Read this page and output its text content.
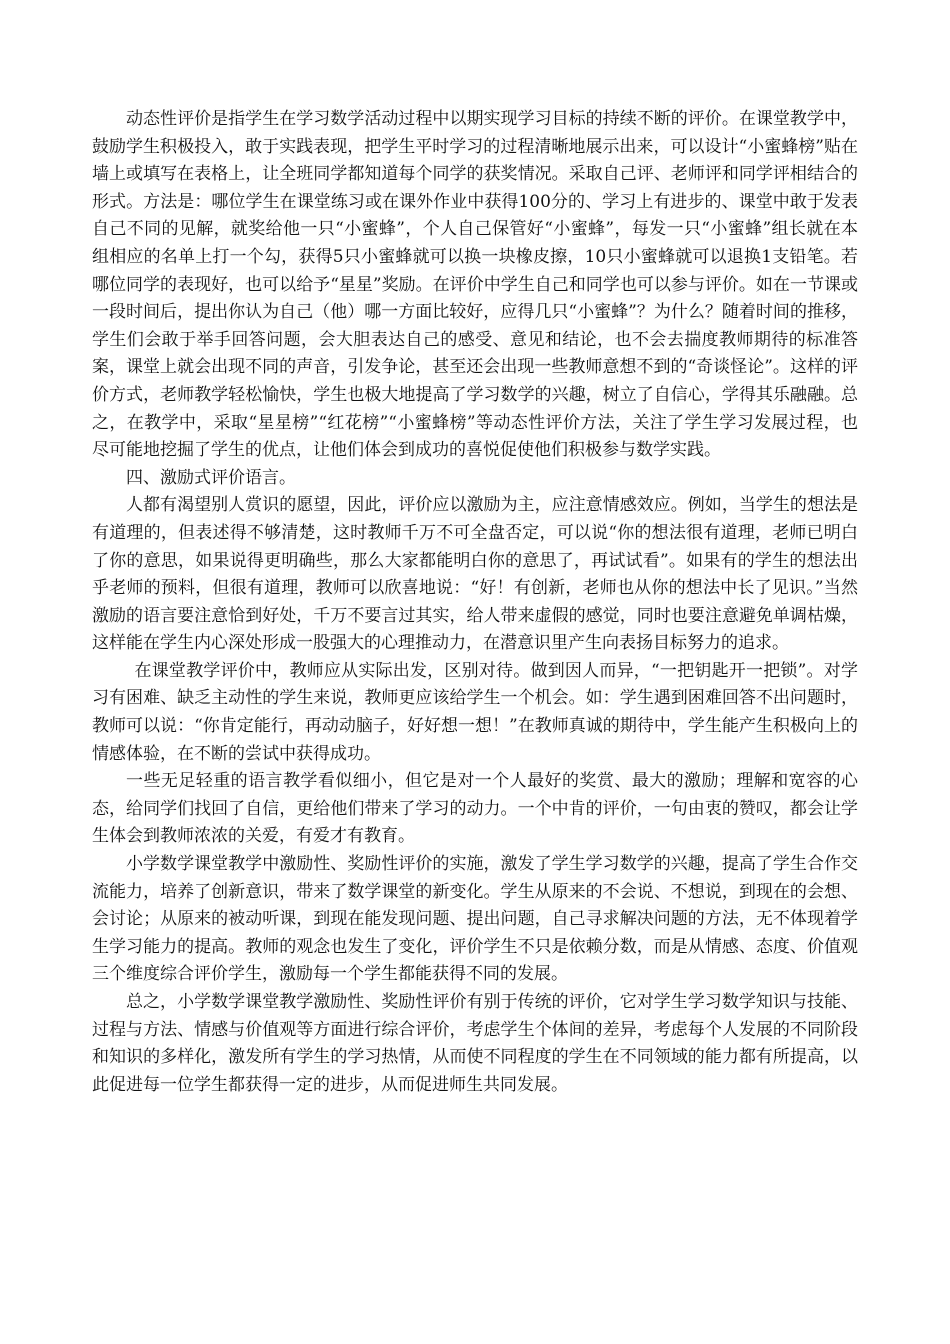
动态性评价是指学生在学习数学活动过程中以期实现学习目标的持续不断的评价。在课堂教学中，鼓励学生积极投入，敢于实践表现，把学生平时学习的过程清晰地展示出来，可以设计“小蜜蜂榜”贴在墙上或填写在表格上，让全班同学都知道每个同学的获奖情况。采取自己评、老师评和同学评相结合的形式。方法是：哪位学生在课堂练习或在课外作业中获得100分的、学习上有进步的、课堂中敢于发表自己不同的见解，就奖给他一只“小蜜蜂”，个人自己保管好“小蜜蜂”，每发一只“小蜜蜂”组长就在本组相应的名单上打一个勾，获得5只小蜜蜂就可以换一块橡皮擦，10只小蜜蜂就可以退换1支铅笔。若哪位同学的表现好，也可以给予“星星”奖励。在评价中学生自己和同学也可以参与评价。如在一节课或一段时间后，提出你认为自己（他）哪一方面比较好，应得几只“小蜜蜂”？为什么？随着时间的推移，学生们会敢于举手回答问题，会大胆表达自己的感受、意见和结论，也不会去揣度教师期待的标准答案，课堂上就会出现不同的声音，引发争论，甚至还会出现一些教师意想不到的“奇谈怪论”。这样的评价方式，老师教学轻松愉快，学生也极大地提高了学习数学的兴趣，树立了自信心，学得其乐融融。总之，在教学中，采取“星星榜”“红花榜”“小蜜蜂榜”等动态性评价方法，关注了学生学习发展过程，也尽可能地挖掘了学生的优点，让他们体会到成功的喜悦促使他们积极参与数学实践。

四、激励式评价语言。

人都有渴望别人赏识的愿望，因此，评价应以激励为主，应注意情感效应。例如，当学生的想法是有道理的，但表述得不够清楚，这时教师千万不可全盘否定，可以说“你的想法很有道理，老师已明白了你的意思，如果说得更明确些，那么大家都能明白你的意思了，再试试看”。如果有的学生的想法出乎老师的预料，但很有道理，教师可以欣喜地说：“好！有创新，老师也从你的想法中长了见识。”当然激励的语言要注意恰到好处，千万不要言过其实，给人带来虚假的感觉，同时也要注意避免单调枯燥，这样能在学生内心深处形成一股强大的心理推动力，在潜意识里产生向表扬目标努力的追求。

在课堂教学评价中，教师应从实际出发，区别对待。做到因人而异，“一把钥匙开一把锁”。对学习有困难、缺乏主动性的学生来说，教师更应该给学生一个机会。如：学生遇到困难回答不出问题时，教师可以说：“你肯定能行，再动动脑子，好好想一想！”在教师真诚的期待中，学生能产生积极向上的情感体验，在不断的尝试中获得成功。

一些无足轻重的语言教学看似细小，但它是对一个人最好的奖赏、最大的激励；理解和宽容的心态，给同学们找回了自信，更给他们带来了学习的动力。一个中肯的评价，一句由衷的赞叹，都会让学生体会到教师浓浓的关爱，有爱才有教育。

小学数学课堂教学中激励性、奖励性评价的实施，激发了学生学习数学的兴趣，提高了学生合作交流能力，培养了创新意识，带来了数学课堂的新变化。学生从原来的不会说、不想说，到现在的会想、会讨论；从原来的被动听课，到现在能发现问题、提出问题，自己寻求解决问题的方法，无不体现着学生学习能力的提高。教师的观念也发生了变化，评价学生不只是依赖分数，而是从情感、态度、价值观三个维度综合评价学生，激励每一个学生都能获得不同的发展。

总之，小学数学课堂教学激励性、奖励性评价有别于传统的评价，它对学生学习数学知识与技能、过程与方法、情感与价值观等方面进行综合评价，考虑学生个体间的差异，考虑每个人发展的不同阶段和知识的多样化，激发所有学生的学习热情，从而使不同程度的学生在不同领域的能力都有所提高，以此促进每一位学生都获得一定的进步，从而促进师生共同发展。
